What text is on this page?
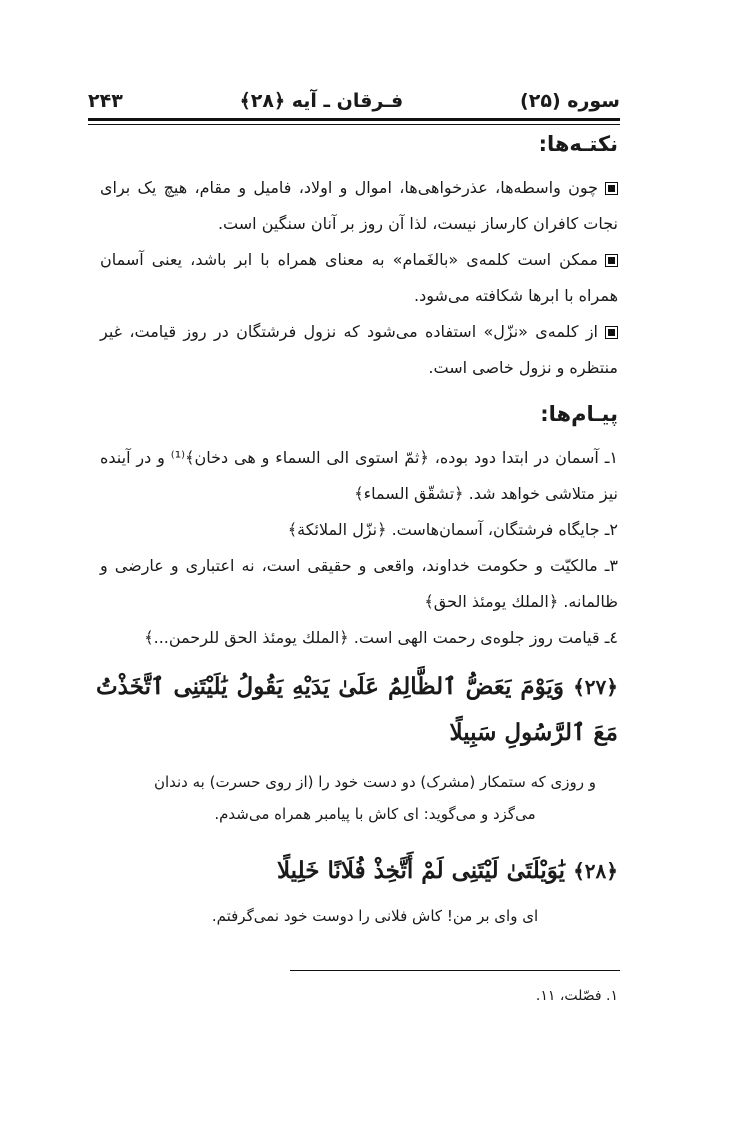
سوره (۲۵)
فـرقان ـ آیه ﴿۲۸﴾
۲۴۳
نکتـه‌ها:
چون واسطه‌ها، عذرخواهی‌ها، اموال و اولاد، فامیل و مقام، هیچ یک برای نجات کافران کارساز نیست، لذا آن روز بر آنان سنگین است.
ممکن است کلمه‌ی «بالغَمام» به معنای همراه با ابر باشد، یعنی آسمان همراه با ابرها شکافته می‌شود.
از کلمه‌ی «نزّل» استفاده می‌شود که نزول فرشتگان در روز قیامت، غیر منتظره و نزول خاصی است.
پیـام‌ها:
۱ـ آسمان در ابتدا دود بوده، ﴿ثمّ استوی الی السماء و هی دخان﴾⁽¹⁾ و در آینده نیز متلاشی خواهد شد. ﴿تشقّق السماء﴾
۲ـ جایگاه فرشتگان، آسمان‌هاست. ﴿نزّل الملائكة﴾
۳ـ مالکیّت و حکومت خداوند، واقعی و حقیقی است، نه اعتباری و عارضی و ظالمانه. ﴿الملك يومئذ الحق﴾
٤ـ قیامت روز جلوه‌ی رحمت الهی است. ﴿الملك يومئذ الحق للرحمن...﴾
﴿۲۷﴾ وَيَوْمَ يَعَضُّ ٱلظَّالِمُ عَلَىٰ يَدَيْهِ يَقُولُ يَٰلَيْتَنِى ٱتَّخَذْتُ مَعَ ٱلرَّسُولِ سَبِيلًا
و روزی که ستمکار (مشرک) دو دست خود را (از روی حسرت) به دندان می‌گزد و می‌گوید: ای کاش با پیامبر همراه می‌شدم.
﴿۲۸﴾ يَٰوَيْلَتَىٰ لَيْتَنِى لَمْ أَتَّخِذْ فُلَانًا خَلِيلًا
ای وای بر من! کاش فلانی را دوست خود نمی‌گرفتم.
۱. فصّلت، ۱۱.
